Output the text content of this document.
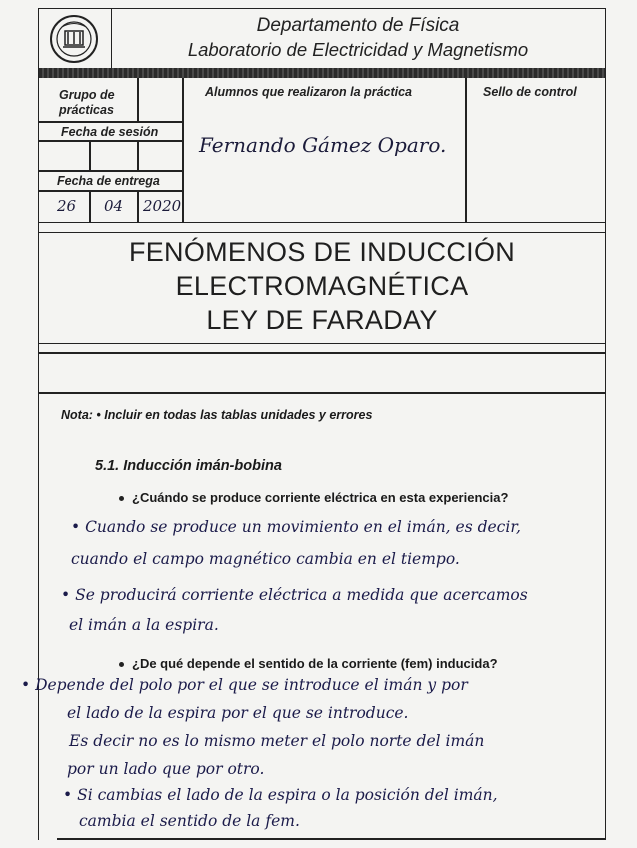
Departamento de Física
Laboratorio de Electricidad y Magnetismo
Grupo de
prácticas
Fecha de sesión
Fecha de entrega
26 04 2020
Alumnos que realizaron la práctica
Fernando Gámez Oparo.
Sello de control
FENÓMENOS DE INDUCCIÓN
ELECTROMAGNÉTICA
LEY DE FARADAY
Nota: • Incluir en todas las tablas unidades y errores
5.1. Inducción imán-bobina
¿Cuándo se produce corriente eléctrica en esta experiencia?
• Cuando se produce un movimiento en el imán, es decir,
cuando el campo magnético cambia en el tiempo.
• Se producirá corriente eléctrica a medida que acercamos
el imán a la espira.
¿De qué depende el sentido de la corriente (fem) inducida?
• Depende del polo por el que se introduce el imán y por
el lado de la espira por el que se introduce.
Es decir no es lo mismo meter el polo norte del imán
por un lado que por otro.
• Si cambias el lado de la espira o la posición del imán,
cambia el sentido de la fem.
